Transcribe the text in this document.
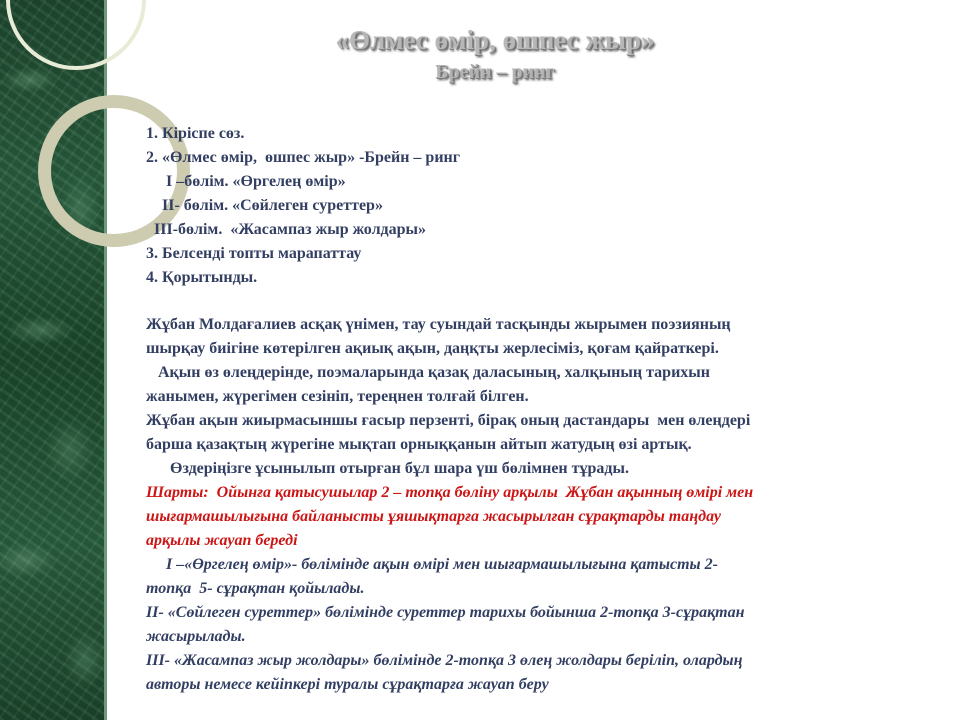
«Өлмес өмір, өшпес жыр»
Брейн – ринг
1. Кіріспе сөз.
2. «Өлмес өмір,  өшпес жыр» -Брейн – ринг
І –бөлім. «Өргелең өмір»
ІІ- бөлім. «Сөйлеген суреттер»
ІІІ-бөлім.  «Жасампаз жыр жолдары»
3. Белсенді топты марапаттау
4. Қорытынды.
Жұбан Молдағалиев асқақ үнімен, тау суындай тасқынды жырымен поэзияның
шырқау биігіне көтерілген ақиық ақын, даңқты жерлесіміз, қоғам қайраткері.
Ақын өз өлеңдерінде, поэмаларында қазақ даласының, халқының тарихын
жанымен, жүрегімен сезініп, тереңнен толғай білген.
Жұбан ақын жиырмасыншы ғасыр перзенті, бірақ оның дастандары  мен өлеңдері
барша қазақтың жүрегіне мықтап орныққанын айтып жатудың өзі артық.
Өздеріңізге ұсынылып отырған бұл шара үш бөлімнен тұрады.
Шарты:  Ойынға қатысушылар 2 – топқа бөліну арқылы  Жұбан ақынның өмірі мен
шығармашылығына байланысты ұяшықтарға жасырылған сұрақтарды таңдау
арқылы жауап береді
І –«Өргелең өмір»- бөлімінде ақын өмірі мен шығармашылығына қатысты 2-
топқа  5- сұрақтан қойылады.
ІІ- «Сөйлеген суреттер» бөлімінде суреттер тарихы бойынша 2-топқа 3-сұрақтан
жасырылады.
ІІІ- «Жасампаз жыр жолдары» бөлімінде 2-топқа 3 өлең жолдары беріліп, олардың
авторы немесе кейіпкері туралы сұрақтарға жауап беру
